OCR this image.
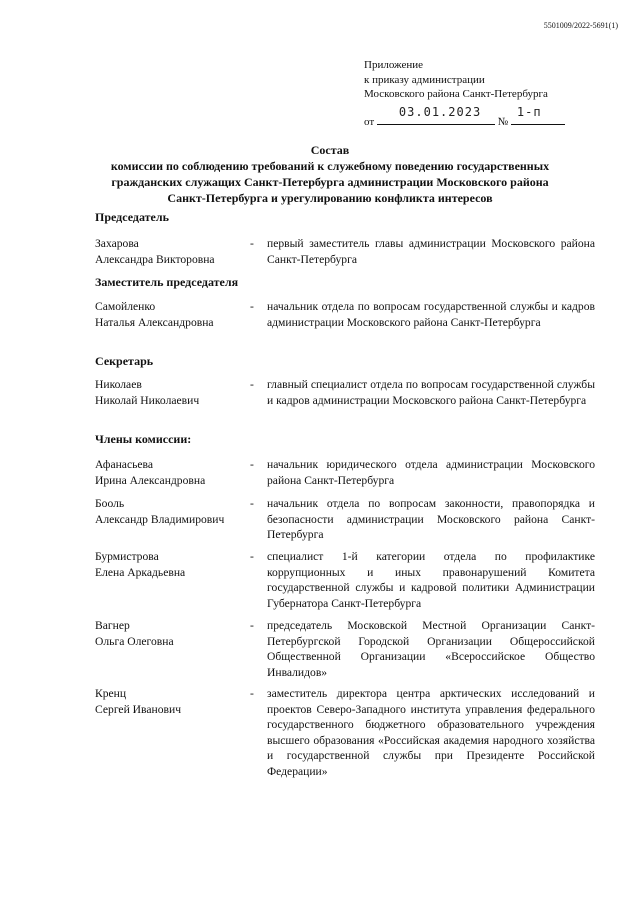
5501009/2022-5691(1)
Приложение
к приказу администрации
Московского района Санкт-Петербурга
от
03.01.2023
№
1-п
Состав
комиссии по соблюдению требований к служебному поведению государственных
гражданских служащих Санкт-Петербурга администрации Московского района
Санкт-Петербурга и урегулированию конфликта интересов
Председатель
Захарова
Александра Викторовна
-	первый заместитель главы администрации Московского района Санкт-Петербурга
Заместитель председателя
Самойленко
Наталья Александровна
-	начальник отдела по вопросам государственной службы и кадров администрации Московского района Санкт-Петербурга
Секретарь
Николаев
Николай Николаевич
-	главный специалист отдела по вопросам государственной службы и кадров администрации Московского района Санкт-Петербурга
Члены комиссии:
Афанасьева
Ирина Александровна
-	начальник юридического отдела администрации Московского района Санкт-Петербурга
Бооль
Александр Владимирович
-	начальник отдела по вопросам законности, правопорядка и безопасности администрации Московского района Санкт-Петербурга
Бурмистрова
Елена Аркадьевна
-	специалист 1-й категории отдела по профилактике коррупционных и иных правонарушений Комитета государственной службы и кадровой политики Администрации Губернатора Санкт-Петербурга
Вагнер
Ольга Олеговна
-	председатель Московской Местной Организации Санкт-Петербургской Городской Организации Общероссийской Общественной Организации «Всероссийское Общество Инвалидов»
Кренц
Сергей Иванович
-	заместитель директора центра арктических исследований и проектов Северо-Западного института управления федерального государственного бюджетного образовательного учреждения высшего образования «Российская академия народного хозяйства и государственной службы при Президенте Российской Федерации»
